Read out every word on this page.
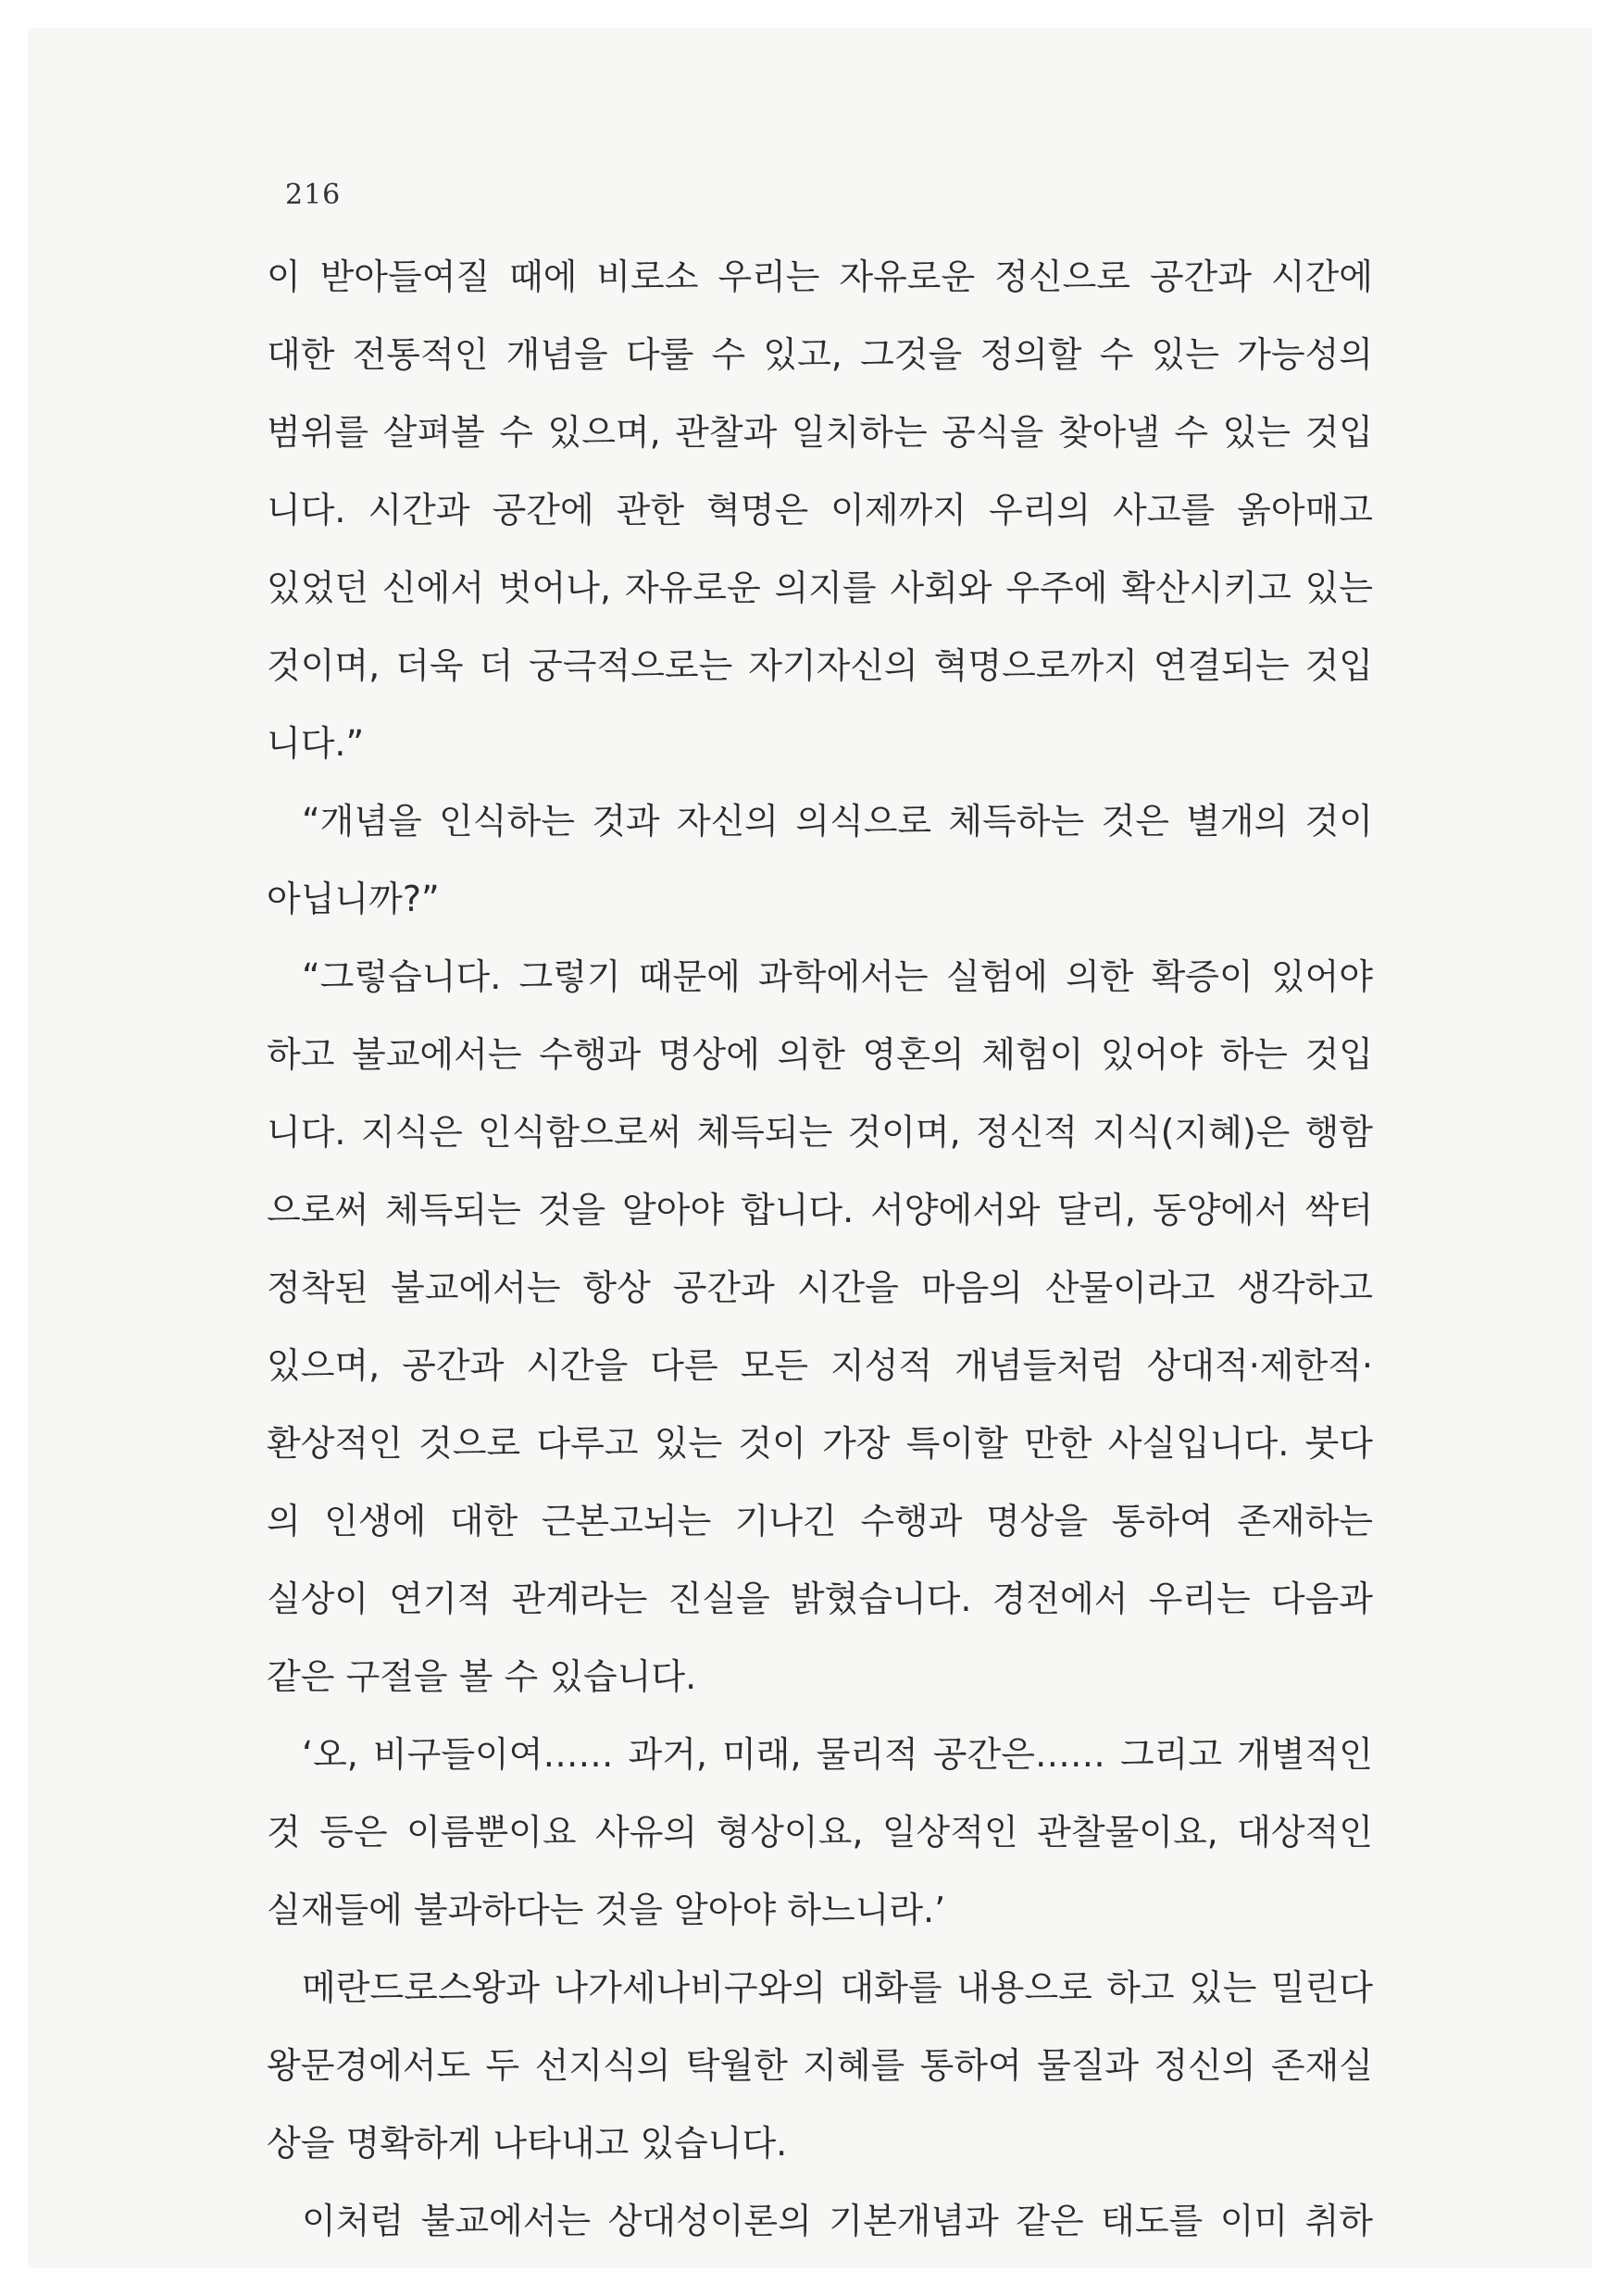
216
이 받아들여질 때에 비로소 우리는 자유로운 정신으로 공간과 시간에
대한 전통적인 개념을 다룰 수 있고, 그것을 정의할 수 있는 가능성의
범위를 살펴볼 수 있으며, 관찰과 일치하는 공식을 찾아낼 수 있는 것입
니다. 시간과 공간에 관한 혁명은 이제까지 우리의 사고를 옭아매고
있었던 신에서 벗어나, 자유로운 의지를 사회와 우주에 확산시키고 있는
것이며, 더욱 더 궁극적으로는 자기자신의 혁명으로까지 연결되는 것입
니다.”
“개념을 인식하는 것과 자신의 의식으로 체득하는 것은 별개의 것이
아닙니까?”
“그렇습니다. 그렇기 때문에 과학에서는 실험에 의한 확증이 있어야
하고 불교에서는 수행과 명상에 의한 영혼의 체험이 있어야 하는 것입
니다. 지식은 인식함으로써 체득되는 것이며, 정신적 지식(지혜)은 행함
으로써 체득되는 것을 알아야 합니다. 서양에서와 달리, 동양에서 싹터
정착된 불교에서는 항상 공간과 시간을 마음의 산물이라고 생각하고
있으며, 공간과 시간을 다른 모든 지성적 개념들처럼 상대적·제한적·
환상적인 것으로 다루고 있는 것이 가장 특이할 만한 사실입니다. 붓다
의 인생에 대한 근본고뇌는 기나긴 수행과 명상을 통하여 존재하는
실상이 연기적 관계라는 진실을 밝혔습니다. 경전에서 우리는 다음과
같은 구절을 볼 수 있습니다.
‘오, 비구들이여…… 과거, 미래, 물리적 공간은…… 그리고 개별적인
것 등은 이름뿐이요 사유의 형상이요, 일상적인 관찰물이요, 대상적인
실재들에 불과하다는 것을 알아야 하느니라.’
메란드로스왕과 나가세나비구와의 대화를 내용으로 하고 있는 밀린다
왕문경에서도 두 선지식의 탁월한 지혜를 통하여 물질과 정신의 존재실
상을 명확하게 나타내고 있습니다.
이처럼 불교에서는 상대성이론의 기본개념과 같은 태도를 이미 취하
